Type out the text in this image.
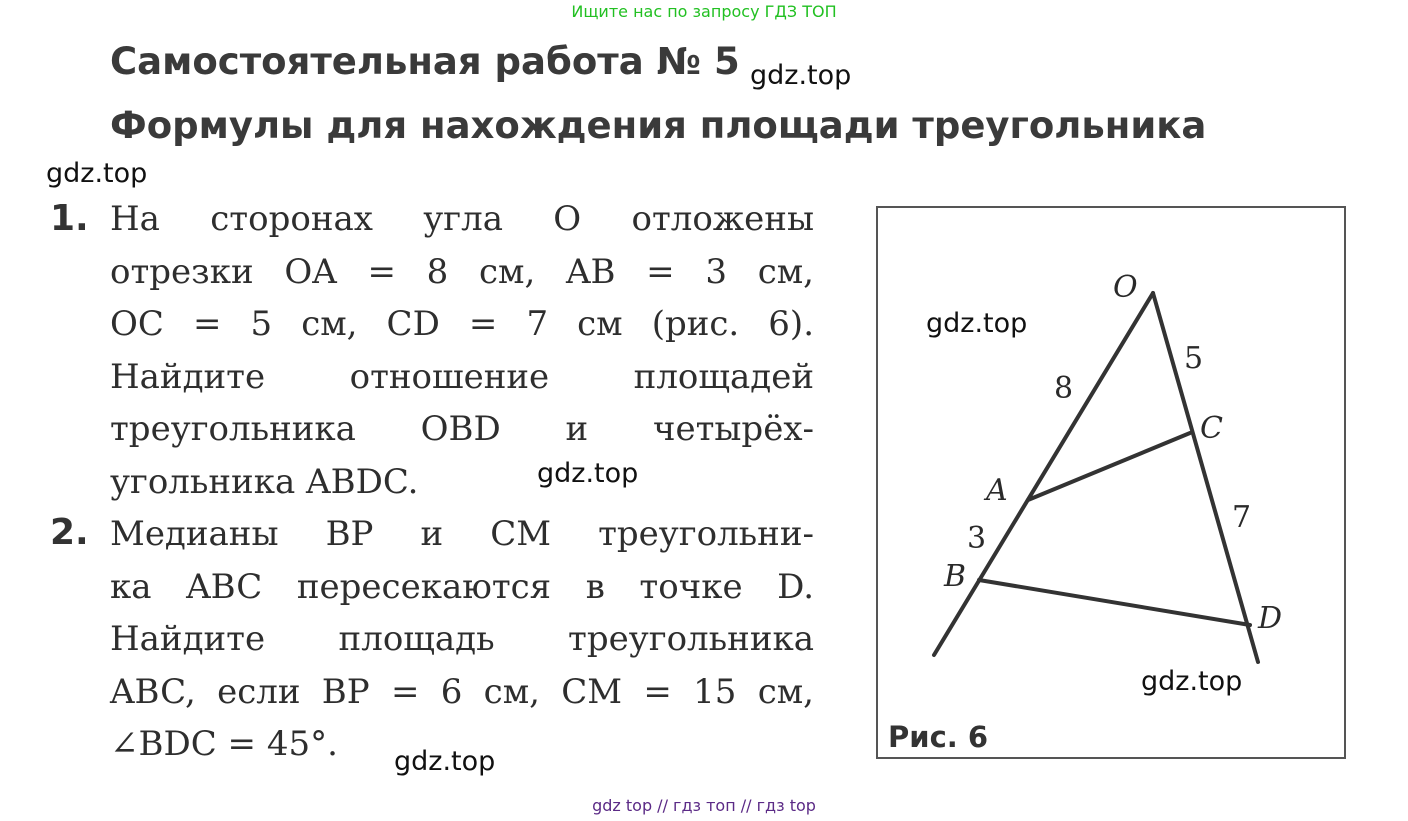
Ищите нас по запросу ГДЗ ТОП
Самостоятельная работа № 5
Формулы для нахождения площади треугольника
1. На сторонах угла O отложены
отрезки OA = 8 см, AB = 3 см,
OC = 5 см, CD = 7 см (рис. 6).
Найдите отношение площадей
треугольника OBD и четырёх-
угольника ABDC.
2. Медианы BP и CM треугольни-
ка ABC пересекаются в точке D.
Найдите площадь треугольника
ABC, если BP = 6 см, CM = 15 см,
∠BDC = 45°.
O
C
A
B
D
8
3
5
7
Рис. 6
gdz.top
gdz.top
gdz.top
gdz.top
gdz.top
gdz.top
gdz top // гдз топ // гдз top
